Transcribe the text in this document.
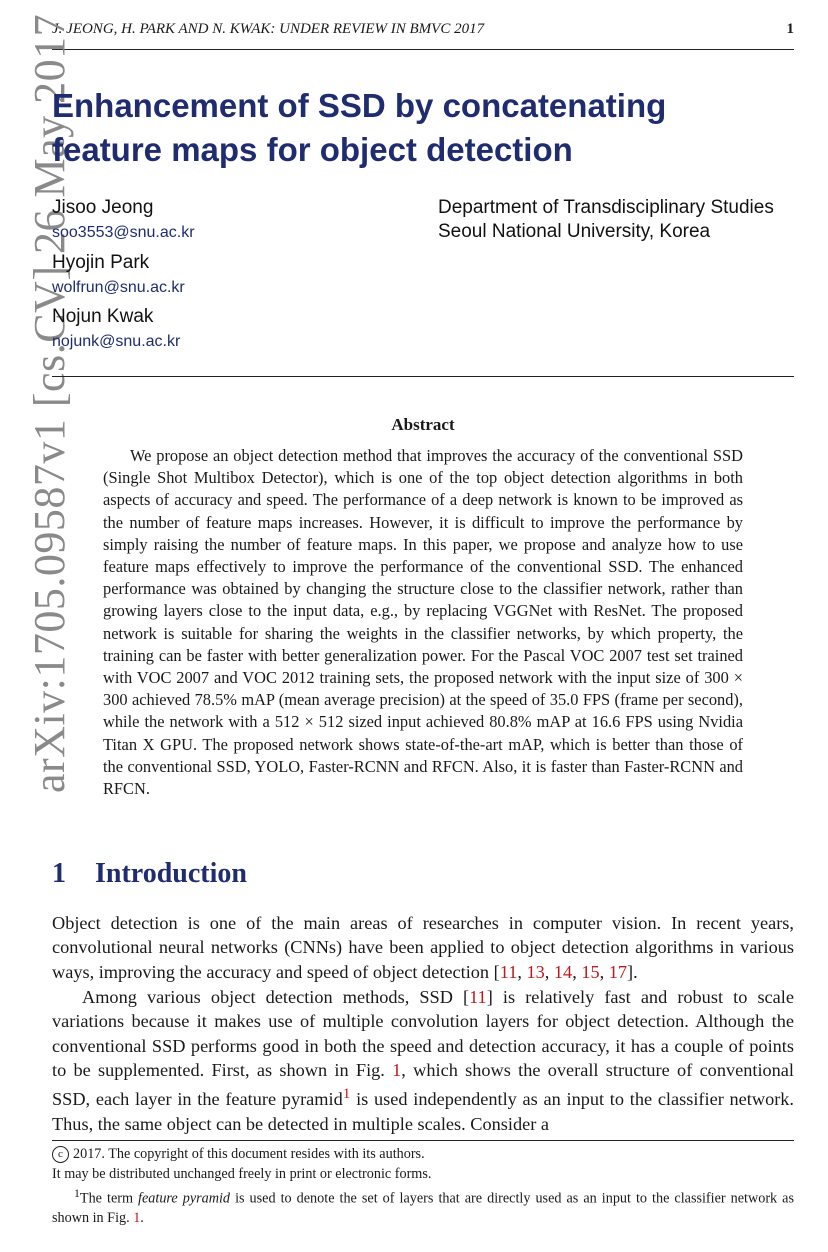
J. JEONG, H. PARK AND N. KWAK: UNDER REVIEW IN BMVC 2017	1
arXiv:1705.09587v1 [cs.CV] 26 May 2017
Enhancement of SSD by concatenating feature maps for object detection
Jisoo Jeong
soo3553@snu.ac.kr
Hyojin Park
wolfrun@snu.ac.kr
Nojun Kwak
nojunk@snu.ac.kr
Department of Transdisciplinary Studies
Seoul National University, Korea
Abstract

We propose an object detection method that improves the accuracy of the conventional SSD (Single Shot Multibox Detector), which is one of the top object detection algorithms in both aspects of accuracy and speed. The performance of a deep network is known to be improved as the number of feature maps increases. However, it is difficult to improve the performance by simply raising the number of feature maps. In this paper, we propose and analyze how to use feature maps effectively to improve the performance of the conventional SSD. The enhanced performance was obtained by changing the structure close to the classifier network, rather than growing layers close to the input data, e.g., by replacing VGGNet with ResNet. The proposed network is suitable for sharing the weights in the classifier networks, by which property, the training can be faster with better generalization power. For the Pascal VOC 2007 test set trained with VOC 2007 and VOC 2012 training sets, the proposed network with the input size of 300 × 300 achieved 78.5% mAP (mean average precision) at the speed of 35.0 FPS (frame per second), while the network with a 512 × 512 sized input achieved 80.8% mAP at 16.6 FPS using Nvidia Titan X GPU. The proposed network shows state-of-the-art mAP, which is better than those of the conventional SSD, YOLO, Faster-RCNN and RFCN. Also, it is faster than Faster-RCNN and RFCN.

1 Introduction

Object detection is one of the main areas of researches in computer vision. In recent years, convolutional neural networks (CNNs) have been applied to object detection algorithms in various ways, improving the accuracy and speed of object detection [11, 13, 14, 15, 17].

Among various object detection methods, SSD [11] is relatively fast and robust to scale variations because it makes use of multiple convolution layers for object detection. Although the conventional SSD performs good in both the speed and detection accuracy, it has a couple of points to be supplemented. First, as shown in Fig. 1, which shows the overall structure of conventional SSD, each layer in the feature pyramid$^1$ is used independently as an input to the classifier network. Thus, the same object can be detected in multiple scales. Consider a

c 2017. The copyright of this document resides with its authors.

It may be distributed unchanged freely in print or electronic forms.

$^1$The term feature pyramid is used to denote the set of layers that are directly used as an input to the classifier network as shown in Fig. 1.
